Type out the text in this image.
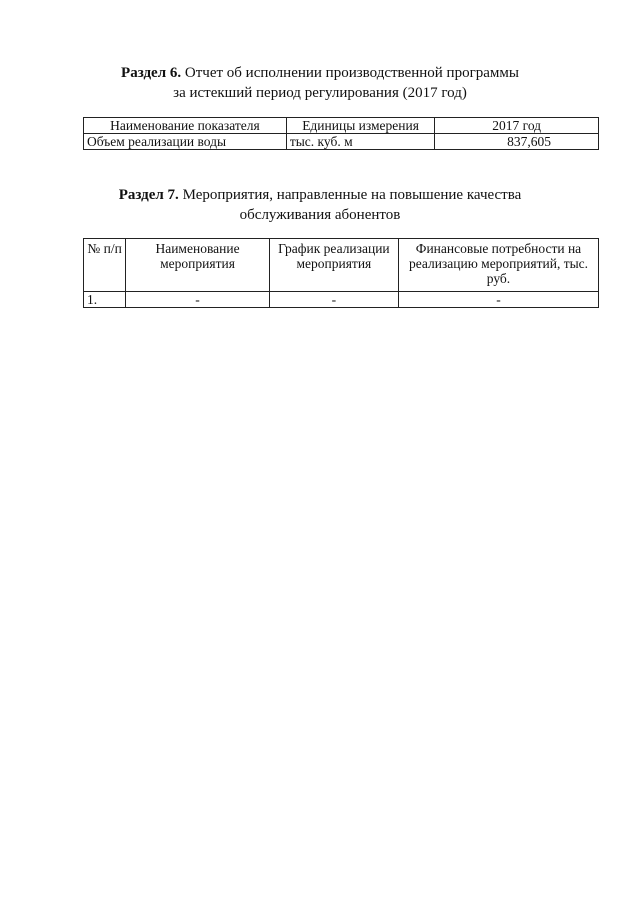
Раздел 6. Отчет об исполнении производственной программы
за истекший период регулирования (2017 год)
Наименование показателя	Единицы измерения	2017 год
Объем реализации воды	тыс. куб. м	837,605
Раздел 7. Мероприятия, направленные на повышение качества
обслуживания абонентов
№ п/п	Наименование мероприятия	График реализации мероприятия	Финансовые потребности на реализацию мероприятий, тыс. руб.
1.	-	-	-
